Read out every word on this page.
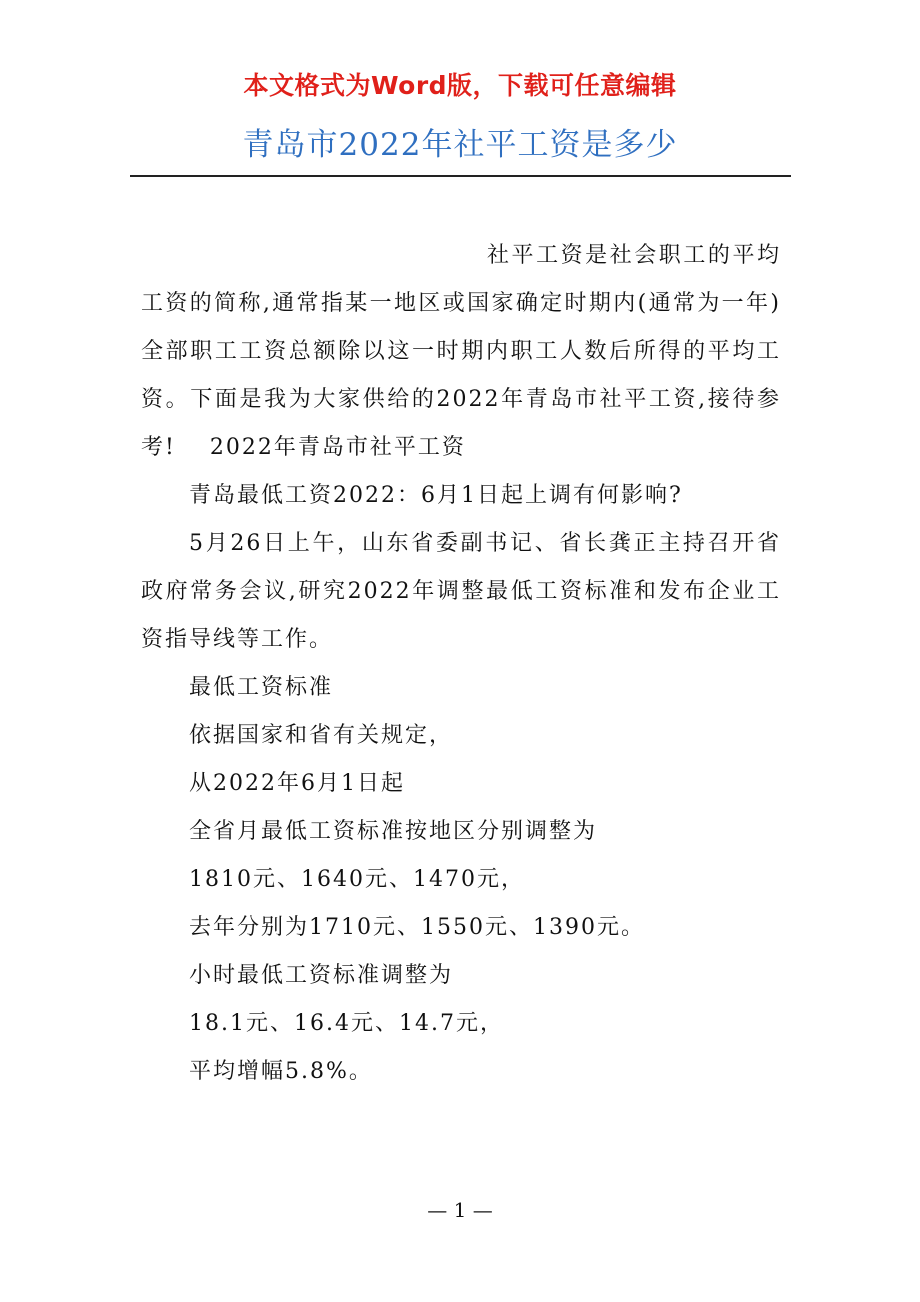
本文格式为Word版，下载可任意编辑
青岛市2022年社平工资是多少

社平工资是社会职工的平均工资的简称,通常指某一地区或国家确定时期内(通常为一年)全部职工工资总额除以这一时期内职工人数后所得的平均工资。下面是我为大家供给的2022年青岛市社平工资,接待参考! 2022年青岛市社平工资

青岛最低工资2022：6月1日起上调有何影响?

5月26日上午，山东省委副书记、省长龚正主持召开省政府常务会议,研究2022年调整最低工资标准和发布企业工资指导线等工作。

最低工资标准

依据国家和省有关规定，

从2022年6月1日起

全省月最低工资标准按地区分别调整为

1810元、1640元、1470元，

去年分别为1710元、1550元、1390元。

小时最低工资标准调整为

18.1元、16.4元、14.7元，

平均增幅5.8%。

— 1 —
